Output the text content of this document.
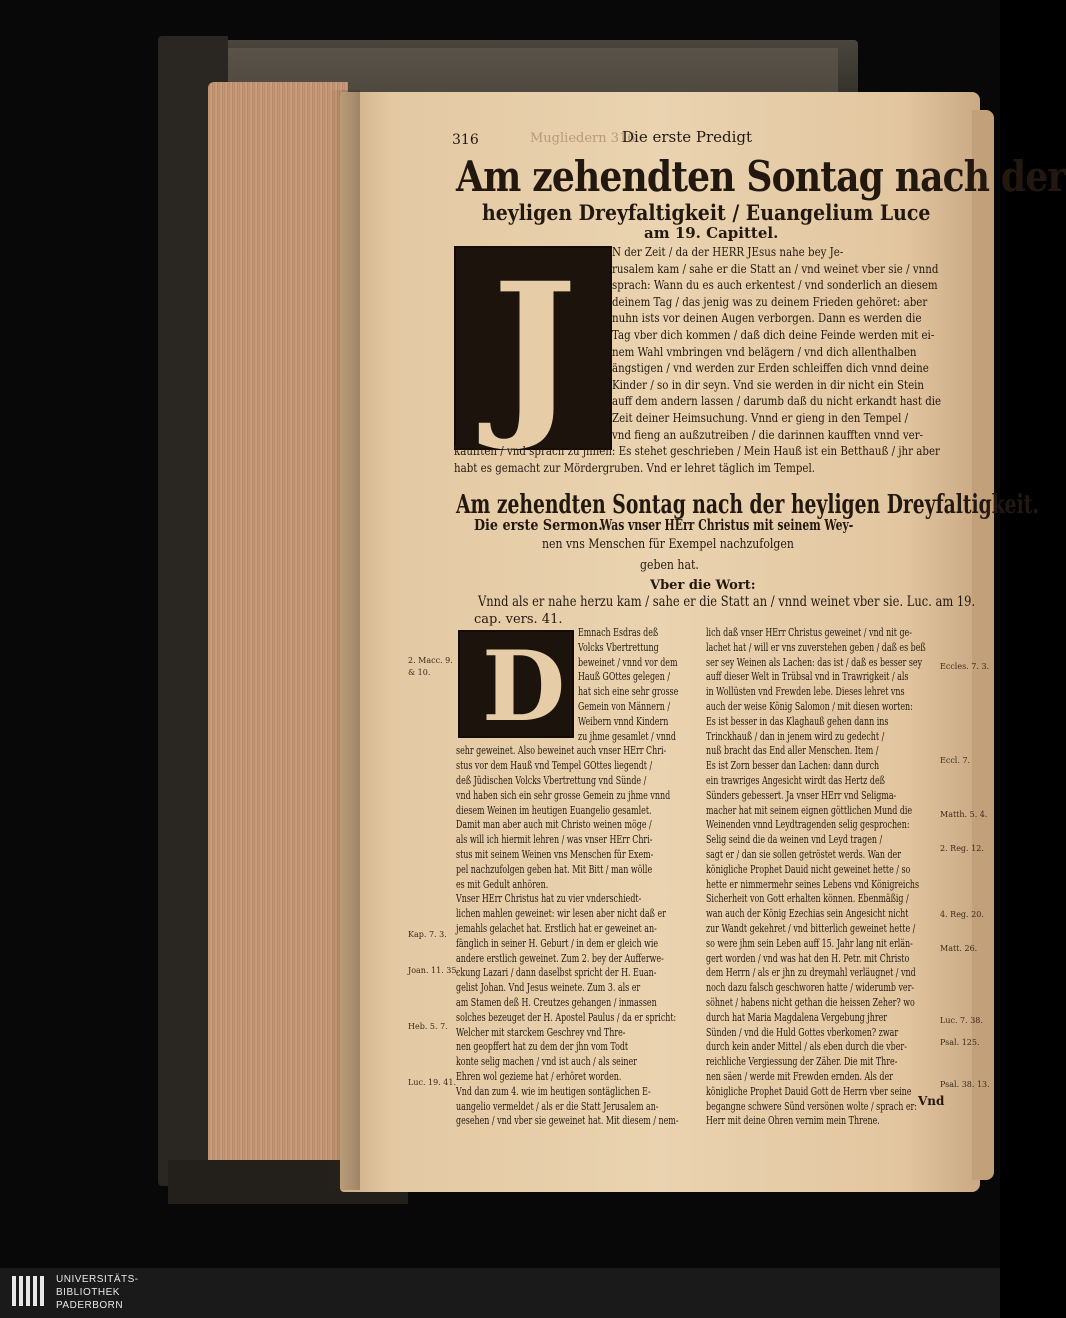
316	Mugliedern 316
Die erste Predigt
Am zehendten Sontag nach der
heyligen Dreyfaltigkeit / Euangelium Luce
am 19. Capittel.
J	N der Zeit / da der HERR JEsus nahe bey Je-
rusalem kam / sahe er die Statt an / vnd weinet vber sie / vnnd
sprach: Wann du es auch erkentest / vnd sonderlich an diesem
deinem Tag / das jenig was zu deinem Frieden gehöret: aber
nuhn ists vor deinen Augen verborgen. Dann es werden die
Tag vber dich kommen / daß dich deine Feinde werden mit ei-
nem Wahl vmbringen vnd belägern / vnd dich allenthalben
ängstigen / vnd werden zur Erden schleiffen dich vnnd deine
Kinder / so in dir seyn. Vnd sie werden in dir nicht ein Stein
auff dem andern lassen / darumb daß du nicht erkandt hast die
Zeit deiner Heimsuchung. Vnnd er gieng in den Tempel /
vnd fieng an außzutreiben / die darinnen kaufften vnnd ver-
kaufften / vnd sprach zu jhnen: Es stehet geschrieben / Mein Hauß ist ein Betthauß / jhr aber
habt es gemacht zur Mördergruben. Vnd er lehret täglich im Tempel.
Am zehendten Sontag nach der heyligen Dreyfaltigkeit.
Die erste Sermon.
Was vnser HErr Christus mit seinem Wey-
nen vns Menschen für Exempel nachzufolgen
geben hat.
Vber die Wort:
Vnnd als er nahe herzu kam / sahe er die Statt an / vnnd weinet vber sie. Luc. am 19.
cap. vers. 41.
D Emnach Esdras deß
Volcks Vbertrettung
beweinet / vnnd vor dem
Hauß GOttes gelegen /
hat sich eine sehr grosse
Gemein von Männern /
Weibern vnnd Kindern
zu jhme gesamlet / vnnd
sehr geweinet. Also beweinet auch vnser HErr Chri-
stus vor dem Hauß vnd Tempel GOttes liegendt /
deß Jüdischen Volcks Vbertrettung vnd Sünde /
vnd haben sich ein sehr grosse Gemein zu jhme vnnd
diesem Weinen im heutigen Euangelio gesamlet.
Damit man aber auch mit Christo weinen möge /
als will ich hiermit lehren / was vnser HErr Chri-
stus mit seinem Weinen vns Menschen für Exem-
pel nachzufolgen geben hat. Mit Bitt / man wölle
es mit Gedult anhören.
Vnser HErr Christus hat zu vier vnderschiedt-
lichen mahlen geweinet: wir lesen aber nicht daß er
jemahls gelachet hat. Erstlich hat er geweinet an-
fänglich in seiner H. Geburt / in dem er gleich wie
andere erstlich geweinet. Zum 2. bey der Aufferwe-
ckung Lazari / dann daselbst spricht der H. Euan-
gelist Johan. Vnd Jesus weinete. Zum 3. als er
am Stamen deß H. Creutzes gehangen / inmassen
solches bezeuget der H. Apostel Paulus / da er spricht:
Welcher mit starckem Geschrey vnd Thre-
nen geopffert hat zu dem der jhn vom Todt
konte selig machen / vnd ist auch / als seiner
Ehren wol gezieme hat / erhöret worden.
Vnd dan zum 4. wie im heutigen sontäglichen E-
uangelio vermeldet / als er die Statt Jerusalem an-
gesehen / vnd vber sie geweinet hat. Mit diesem / nem-
lich daß vnser HErr Christus geweinet / vnd nit ge-
lachet hat / will er vns zuverstehen geben / daß es beß
ser sey Weinen als Lachen: das ist / daß es besser sey
auff dieser Welt in Trübsal vnd in Trawrigkeit / als
in Wollüsten vnd Frewden lebe. Dieses lehret vns
auch der weise König Salomon / mit diesen worten:
Es ist besser in das Klaghauß gehen dann ins
Trinckhauß / dan in jenem wird zu gedecht /
nuß bracht das End aller Menschen. Item /
Es ist Zorn besser dan Lachen: dann durch
ein trawriges Angesicht wirdt das Hertz deß
Sünders gebessert. Ja vnser HErr vnd Seligma-
macher hat mit seinem eignen göttlichen Mund die
Weinenden vnnd Leydtragenden selig gesprochen:
Selig seind die da weinen vnd Leyd tragen /
sagt er / dan sie sollen getröstet werds. Wan der
königliche Prophet Dauid nicht geweinet hette / so
hette er nimmermehr seines Lebens vnd Königreichs
Sicherheit von Gott erhalten können. Ebenmäßig /
wan auch der König Ezechias sein Angesicht nicht
zur Wandt gekehret / vnd bitterlich geweinet hette /
so were jhm sein Leben auff 15. Jahr lang nit erlän-
gert worden / vnd was hat den H. Petr. mit Christo
dem Herrn / als er jhn zu dreymahl verläugnet / vnd
noch dazu falsch geschworen hatte / widerumb ver-
söhnet / habens nicht gethan die heissen Zeher? wo
durch hat Maria Magdalena Vergebung jhrer
Sünden / vnd die Huld Gottes vberkomen? zwar
durch kein ander Mittel / als eben durch die vber-
reichliche Vergiessung der Zäher. Die mit Thre-
nen säen / werde mit Frewden ernden. Als der
königliche Prophet Dauid Gott de Herrn vber seine
begangne schwere Sünd versönen wolte / sprach er:
Herr mit deine Ohren vernim mein Threne.
2. Macc. 9.
& 10.
Kap. 7. 3.
Joan. 11. 35.
Heb. 5. 7.
Luc. 19. 41.
Eccles. 7. 3.
Eccl. 7.
Matth. 5. 4.
2. Reg. 12.
4. Reg. 20.
Matt. 26.
Luc. 7. 38.
Psal. 125.
Psal. 38. 13.
Vnd
UNIVERSITÄTS-
BIBLIOTHEK
PADERBORN
